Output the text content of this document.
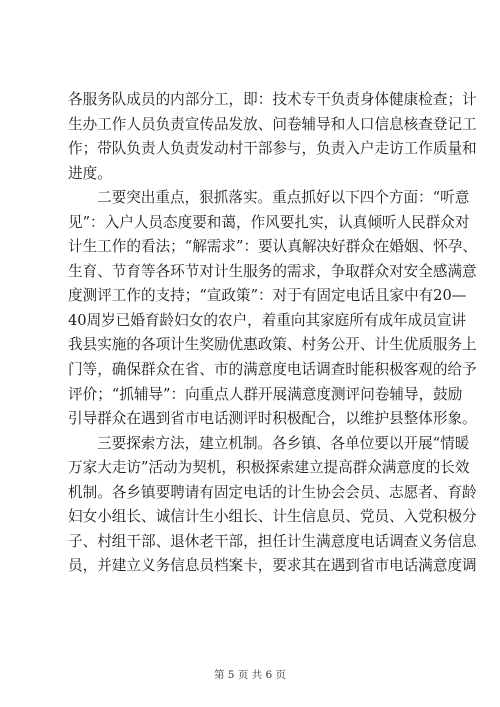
各服务队成员的内部分工，即：技术专干负责身体健康检查；计
生办工作人员负责宣传品发放、问卷辅导和人口信息核查登记工
作；带队负责人负责发动村干部参与，负责入户走访工作质量和
进度。
二要突出重点，狠抓落实。重点抓好以下四个方面：“听意
见”：入户人员态度要和蔼，作风要扎实，认真倾听人民群众对
计生工作的看法；“解需求”：要认真解决好群众在婚姻、怀孕、
生育、节育等各环节对计生服务的需求，争取群众对安全感满意
度测评工作的支持；“宣政策”：对于有固定电话且家中有20—
40周岁已婚育龄妇女的农户，着重向其家庭所有成年成员宣讲
我县实施的各项计生奖励优惠政策、村务公开、计生优质服务上
门等，确保群众在省、市的满意度电话调查时能积极客观的给予
评价；“抓辅导”：向重点人群开展满意度测评问卷辅导，鼓励
引导群众在遇到省市电话测评时积极配合，以维护县整体形象。
三要探索方法，建立机制。各乡镇、各单位要以开展“情暖
万家大走访”活动为契机，积极探索建立提高群众满意度的长效
机制。各乡镇要聘请有固定电话的计生协会会员、志愿者、育龄
妇女小组长、诚信计生小组长、计生信息员、党员、入党积极分
子、村组干部、退休老干部，担任计生满意度电话调查义务信息
员，并建立义务信息员档案卡，要求其在遇到省市电话满意度调
第 5 页 共 6 页
